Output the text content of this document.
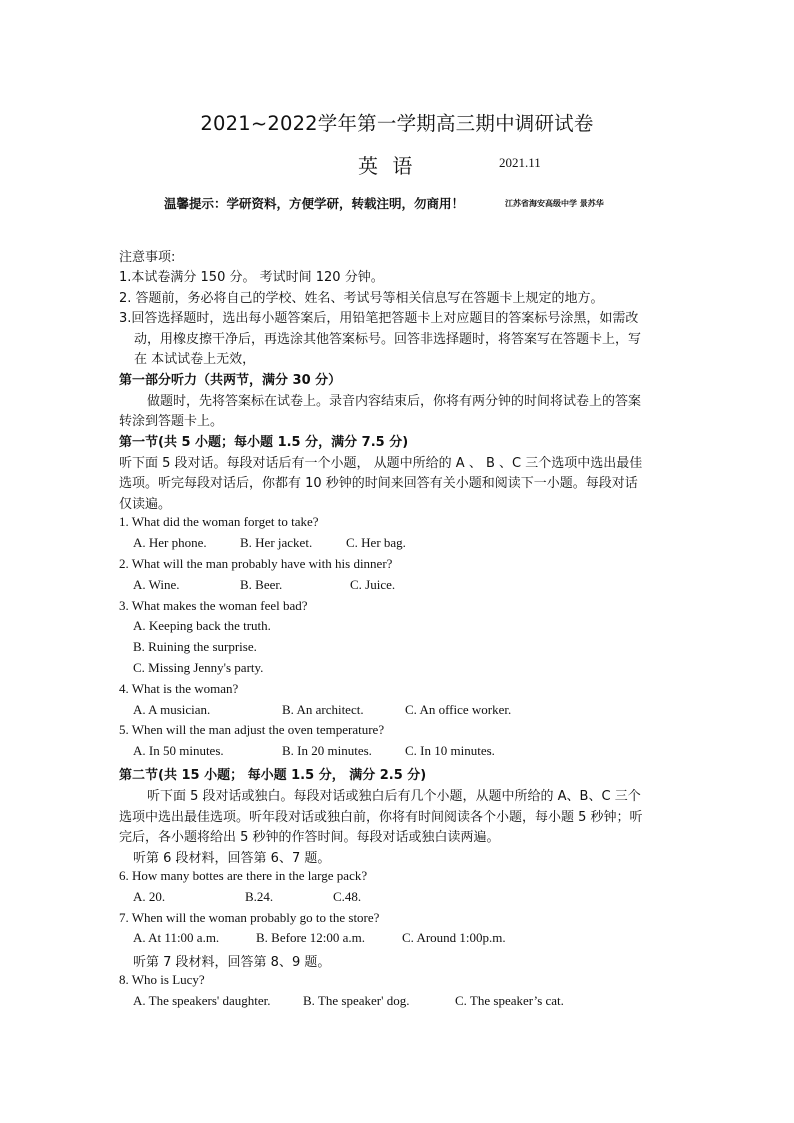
2021~2022学年第一学期高三期中调研试卷
英 语	2021.11
温馨提示：学研资料，方便学研，转载注明，勿商用！	江苏省海安高级中学 景苏华
注意事项:
1.本试卷满分 150 分。 考试时间 120 分钟。
2. 答题前，务必将自己的学校、姓名、考试号等相关信息写在答题卡上规定的地方。
3.回答选择题时，选出每小题答案后，用铅笔把答题卡上对应题目的答案标号涂黑，如需改
动，用橡皮擦干净后，再选涂其他答案标号。回答非选择题时，将答案写在答题卡上，写
在 本试试卷上无效，
第一部分听力（共两节，满分 30 分）
做题时，先将答案标在试卷上。录音内容结束后，你将有两分钟的时间将试卷上的答案
转涂到答题卡上。
第一节(共 5 小题；每小题 1.5 分，满分 7.5 分)
听下面 5 段对话。每段对话后有一个小题， 从题中所给的 A 、 B 、C 三个选项中选出最佳
选项。听完每段对话后，你都有 10 秒钟的时间来回答有关小题和阅读下一小题。每段对话
仅读遍。
1. What did the woman forget to take?
A. Her phone.	B. Her jacket.	C. Her bag.
2. What will the man probably have with his dinner?
A. Wine.	B. Beer.	C. Juice.
3. What makes the woman feel bad?
A. Keeping back the truth.
B. Ruining the surprise.
C. Missing Jenny's party.
4. What is the woman?
A. A musician.	B. An architect.	C. An office worker.
5. When will the man adjust the oven temperature?
A. In 50 minutes.	B. In 20 minutes.	C. In 10 minutes.
第二节(共 15 小题； 每小题 1.5 分， 满分 2.5 分)
听下面 5 段对话或独白。每段对话或独白后有几个小题，从题中所给的 A、B、C 三个
选项中选出最佳选项。听年段对话或独白前，你将有时间阅读各个小题，每小题 5 秒钟；听
完后，各小题将给出 5 秒钟的作答时间。每段对话或独白读两遍。
听第 6 段材料，回答第 6、7 题。
6. How many bottes are there in the large pack?
A. 20.	B.24.	C.48.
7. When will the woman probably go to the store?
A. At 11:00 a.m.	B. Before 12:00 a.m.	C. Around 1:00p.m.
听第 7 段材料，回答第 8、9 题。
8. Who is Lucy?
A. The speakers' daughter.	B. The speaker' dog.	C. The speaker’s cat.
